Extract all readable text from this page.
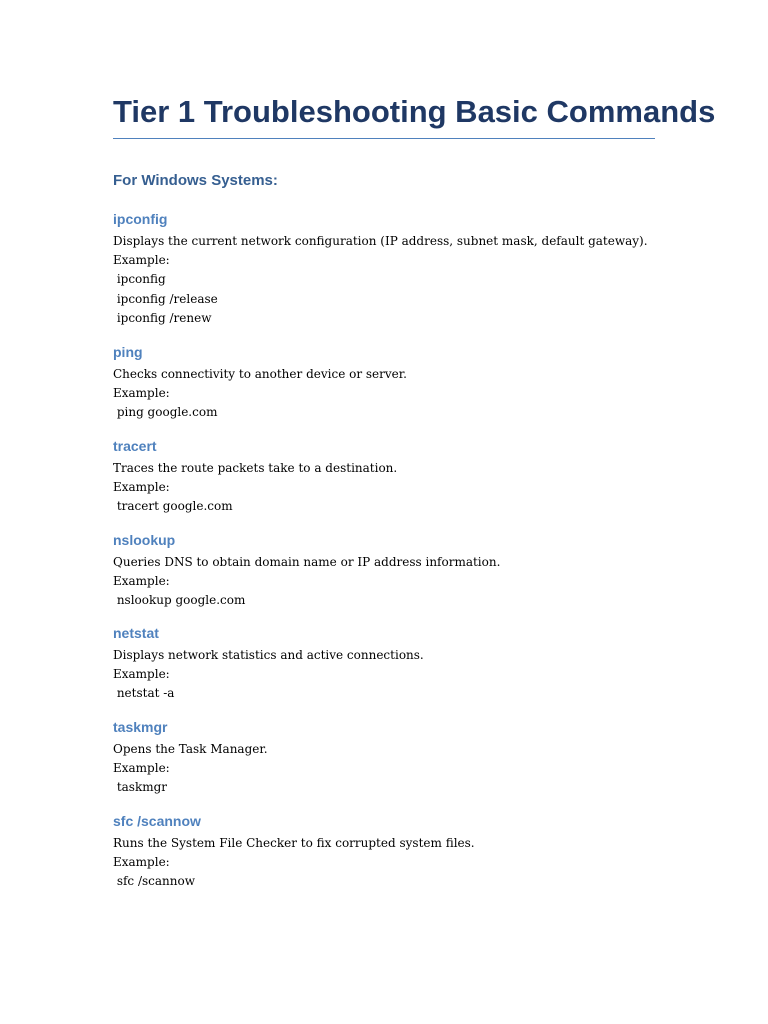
Tier 1 Troubleshooting Basic Commands
For Windows Systems:
ipconfig

Displays the current network configuration (IP address, subnet mask, default gateway).

Example:

ipconfig

ipconfig /release

ipconfig /renew

ping

Checks connectivity to another device or server.

Example:

ping google.com

tracert

Traces the route packets take to a destination.

Example:

tracert google.com

nslookup

Queries DNS to obtain domain name or IP address information.

Example:

nslookup google.com

netstat

Displays network statistics and active connections.

Example:

netstat -a

taskmgr

Opens the Task Manager.

Example:

taskmgr

sfc /scannow

Runs the System File Checker to fix corrupted system files.

Example:

sfc /scannow
